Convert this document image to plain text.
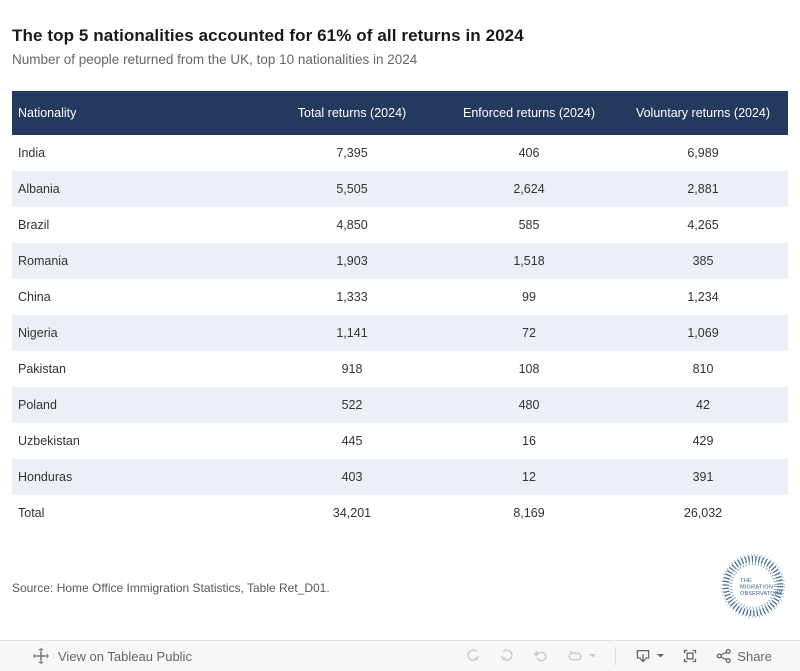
The top 5 nationalities accounted for 61% of all returns in 2024
Number of people returned from the UK, top 10 nationalities in 2024
Nationality	Total returns (2024)	Enforced returns (2024)	Voluntary returns (2024)
India	7,395	406	6,989
Albania	5,505	2,624	2,881
Brazil	4,850	585	4,265
Romania	1,903	1,518	385
China	1,333	99	1,234
Nigeria	1,141	72	1,069
Pakistan	918	108	810
Poland	522	480	42
Uzbekistan	445	16	429
Honduras	403	12	391
Total	34,201	8,169	26,032
Source: Home Office Immigration Statistics, Table Ret_D01.	THE
MIGRATION
OBSERVATORY
View on Tableau Public	Share
